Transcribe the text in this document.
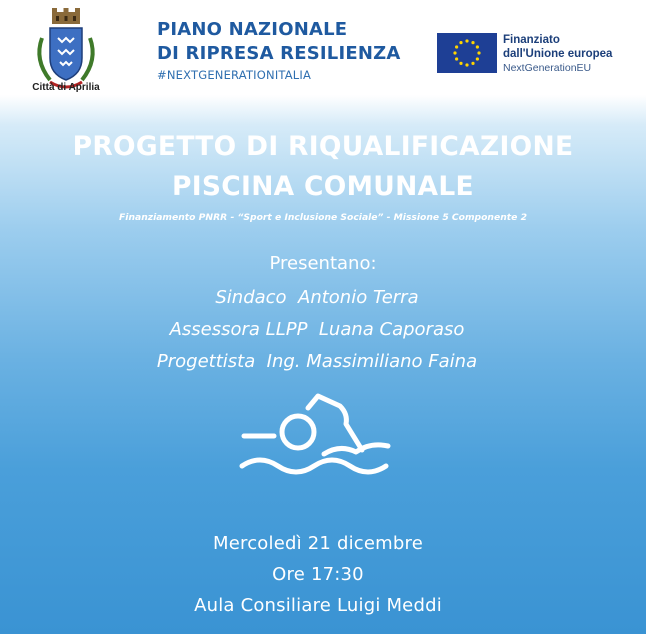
Città di Aprilia
PIANO NAZIONALE
DI RIPRESA RESILIENZA
#NEXTGENERATIONITALIA
Finanziato
dall'Unione europea
NextGenerationEU
PROGETTO DI RIQUALIFICAZIONE
PISCINA COMUNALE
Finanziamento PNRR - “Sport e Inclusione Sociale” - Missione 5 Componente 2
Presentano:
Sindaco  Antonio Terra
Assessora LLPP  Luana Caporaso
Progettista  Ing. Massimiliano Faina
Mercoledì 21 dicembre
Ore 17:30
Aula Consiliare Luigi Meddi
